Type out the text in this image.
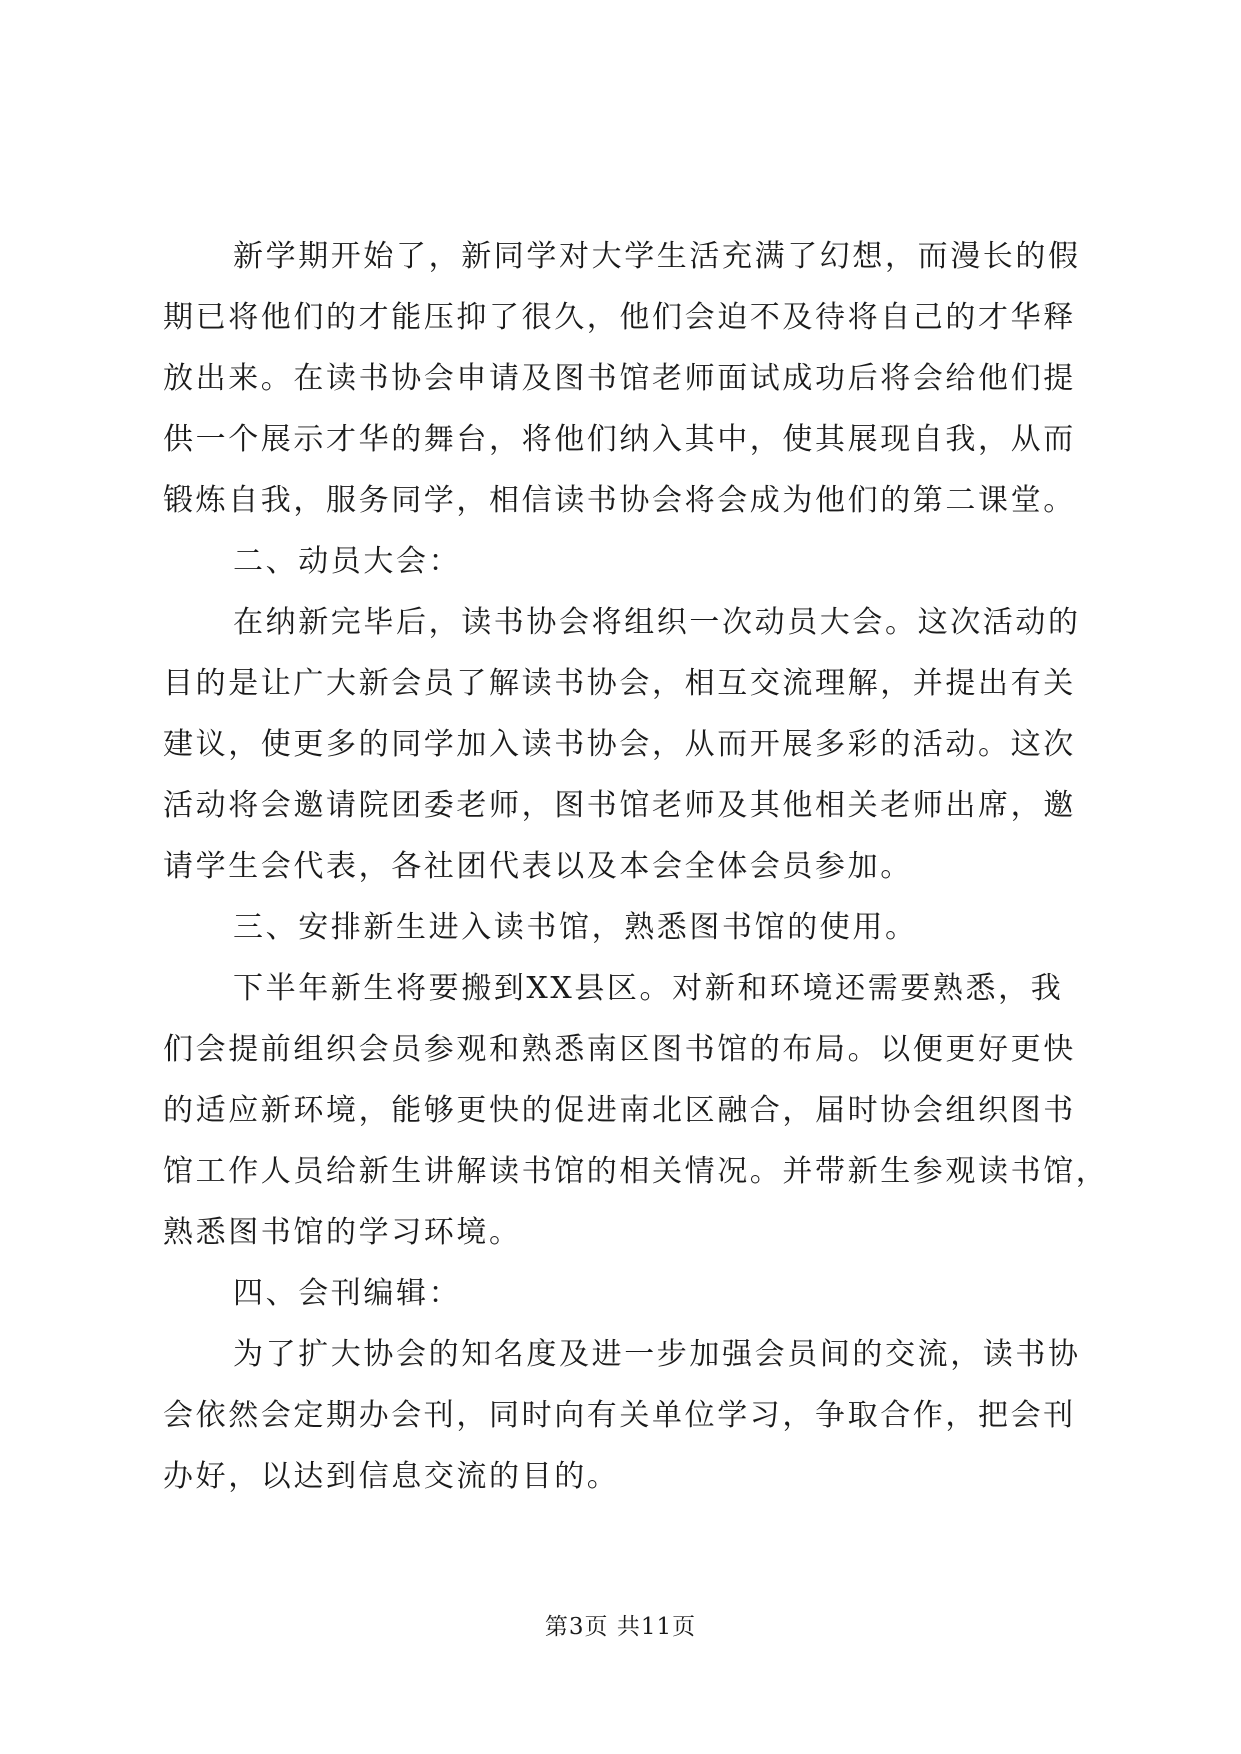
新学期开始了，新同学对大学生活充满了幻想，而漫长的假
期已将他们的才能压抑了很久，他们会迫不及待将自己的才华释
放出来。在读书协会申请及图书馆老师面试成功后将会给他们提
供一个展示才华的舞台，将他们纳入其中，使其展现自我，从而
锻炼自我，服务同学，相信读书协会将会成为他们的第二课堂。
二、动员大会：
在纳新完毕后，读书协会将组织一次动员大会。这次活动的
目的是让广大新会员了解读书协会，相互交流理解，并提出有关
建议，使更多的同学加入读书协会，从而开展多彩的活动。这次
活动将会邀请院团委老师，图书馆老师及其他相关老师出席，邀
请学生会代表，各社团代表以及本会全体会员参加。
三、安排新生进入读书馆，熟悉图书馆的使用。
下半年新生将要搬到XX县区。对新和环境还需要熟悉，我
们会提前组织会员参观和熟悉南区图书馆的布局。以便更好更快
的适应新环境，能够更快的促进南北区融合，届时协会组织图书
馆工作人员给新生讲解读书馆的相关情况。并带新生参观读书馆，
熟悉图书馆的学习环境。
四、会刊编辑：
为了扩大协会的知名度及进一步加强会员间的交流，读书协
会依然会定期办会刊，同时向有关单位学习，争取合作，把会刊
办好，以达到信息交流的目的。
第3页 共11页
